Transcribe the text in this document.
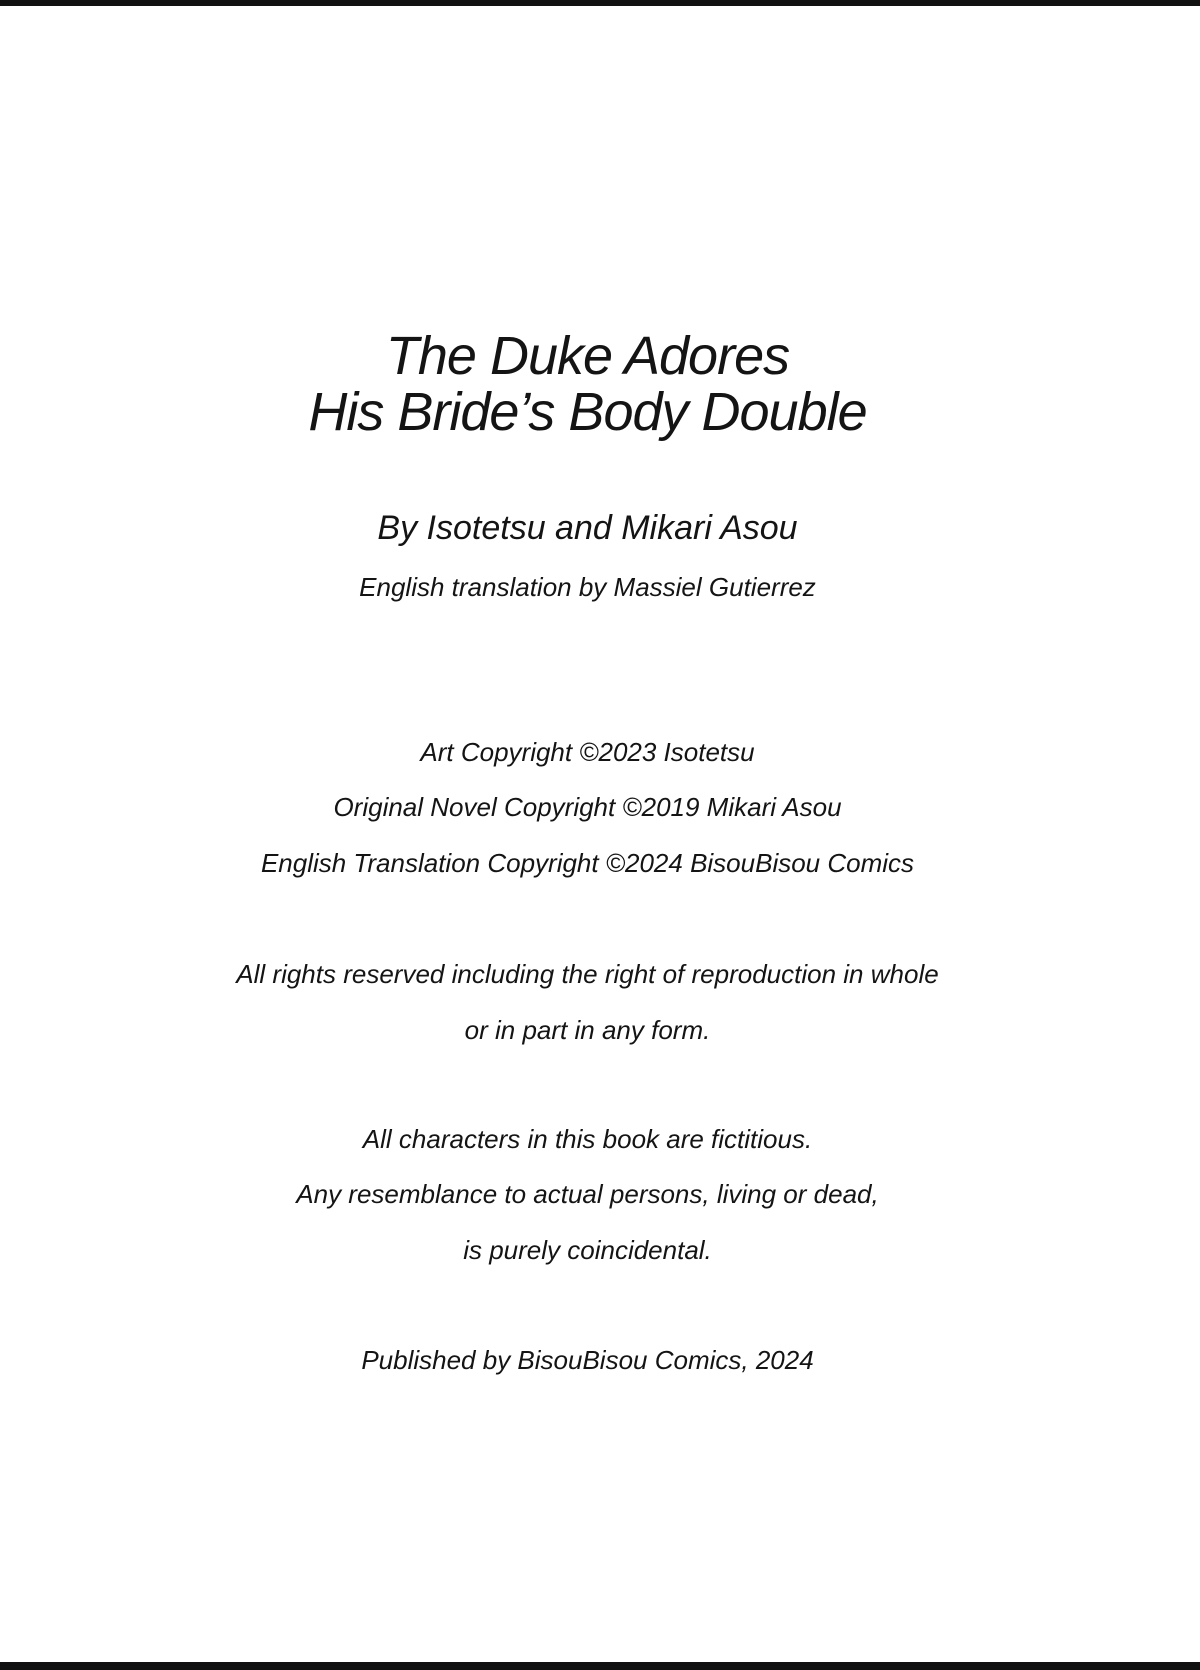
The Duke Adores
His Bride’s Body Double
By Isotetsu and Mikari Asou
English translation by Massiel Gutierrez
Art Copyright ©2023 Isotetsu
Original Novel Copyright ©2019 Mikari Asou
English Translation Copyright ©2024 BisouBisou Comics
All rights reserved including the right of reproduction in whole
or in part in any form.
All characters in this book are fictitious.
Any resemblance to actual persons, living or dead,
is purely coincidental.
Published by BisouBisou Comics, 2024
